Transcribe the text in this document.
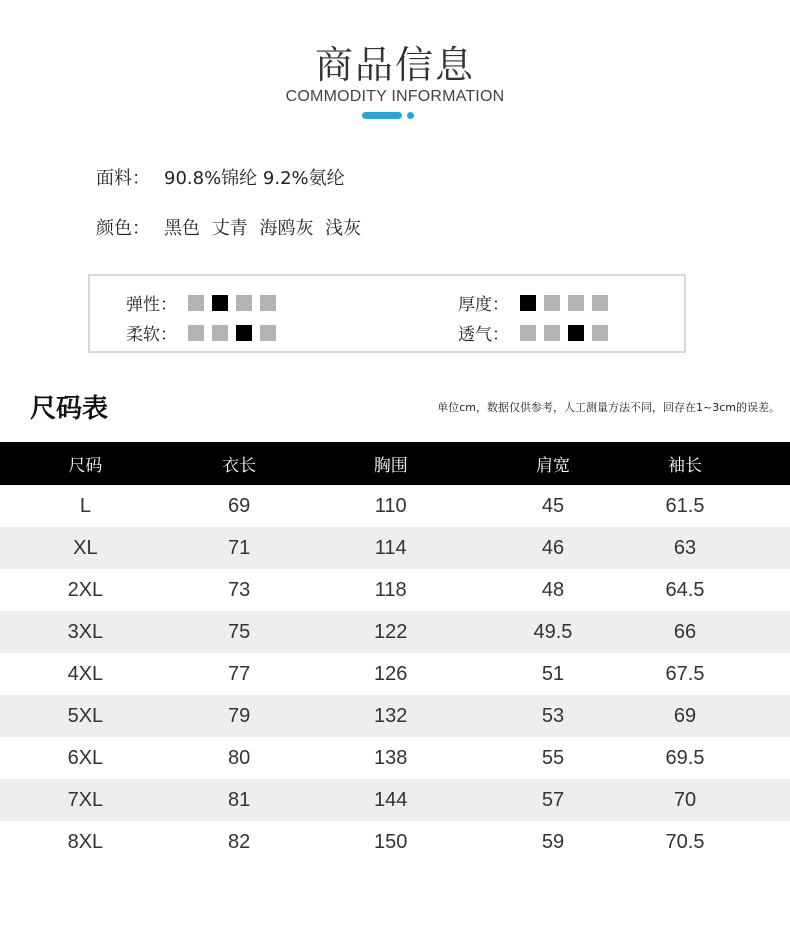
商品信息
COMMODITY INFORMATION
面料： 90.8%锦纶 9.2%氨纶
颜色： 黑色 丈青 海鸥灰 浅灰
弹性：
柔软：
厚度：
透气：
尺码表	单位cm，数据仅供参考，人工测量方法不同，回存在1~3cm的误差。
尺码	衣长	胸围	肩宽	袖长
L	69	110	45	61.5
XL	71	114	46	63
2XL	73	118	48	64.5
3XL	75	122	49.5	66
4XL	77	126	51	67.5
5XL	79	132	53	69
6XL	80	138	55	69.5
7XL	81	144	57	70
8XL	82	150	59	70.5
